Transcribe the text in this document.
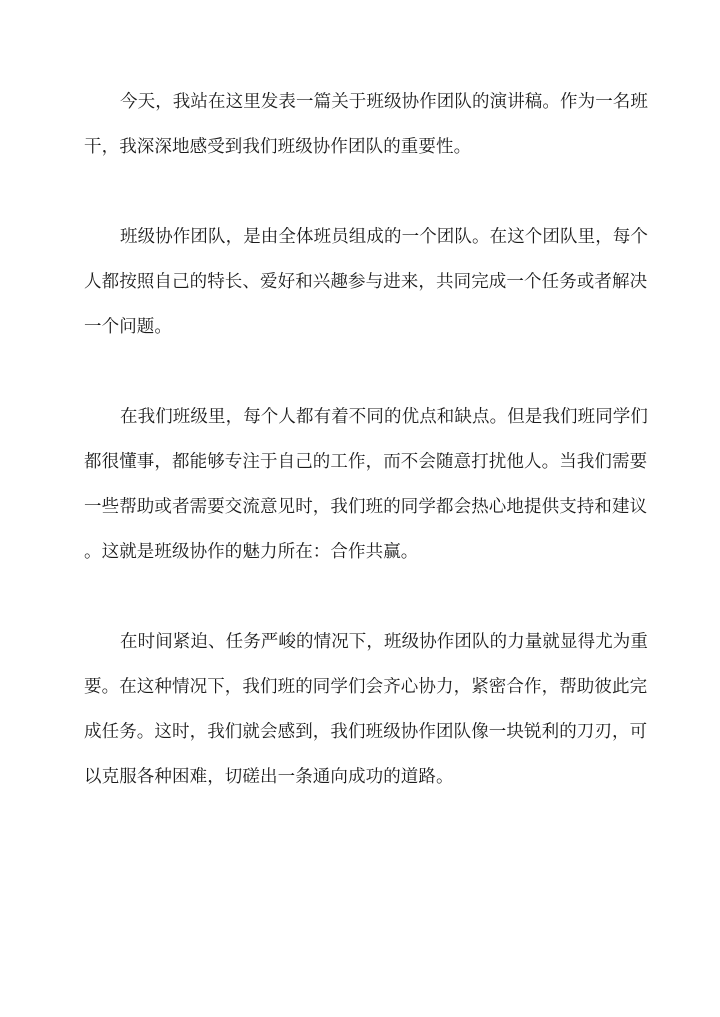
今天，我站在这里发表一篇关于班级协作团队的演讲稿。作为一名班
干，我深深地感受到我们班级协作团队的重要性。

班级协作团队，是由全体班员组成的一个团队。在这个团队里，每个
人都按照自己的特长、爱好和兴趣参与进来，共同完成一个任务或者解决
一个问题。

在我们班级里，每个人都有着不同的优点和缺点。但是我们班同学们
都很懂事，都能够专注于自己的工作，而不会随意打扰他人。当我们需要
一些帮助或者需要交流意见时，我们班的同学都会热心地提供支持和建议
。这就是班级协作的魅力所在：合作共赢。

在时间紧迫、任务严峻的情况下，班级协作团队的力量就显得尤为重
要。在这种情况下，我们班的同学们会齐心协力，紧密合作，帮助彼此完
成任务。这时，我们就会感到，我们班级协作团队像一块锐利的刀刃，可
以克服各种困难，切磋出一条通向成功的道路。
